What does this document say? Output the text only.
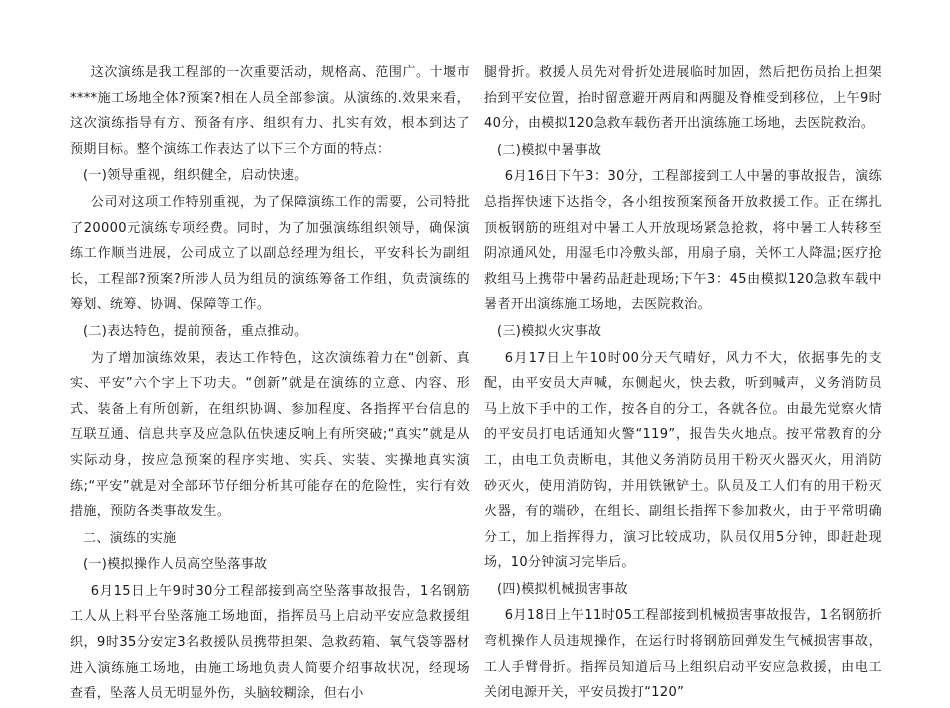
这次演练是我工程部的一次重要活动，规格高、范围广。十堰市****施工场地全体?预案?相在人员全部参演。从演练的.效果来看，这次演练指导有方、预备有序、组织有力、扎实有效，根本到达了预期目标。整个演练工作表达了以下三个方面的特点：

(一)领导重视，组织健全，启动快速。

公司对这项工作特别重视，为了保障演练工作的需要，公司特批了20000元演练专项经费。同时，为了加强演练组织领导，确保演练工作顺当进展，公司成立了以副总经理为组长，平安科长为副组长，工程部?预案?所涉人员为组员的演练筹备工作组，负责演练的筹划、统筹、协调、保障等工作。

(二)表达特色，提前预备，重点推动。

为了增加演练效果，表达工作特色，这次演练着力在“创新、真实、平安”六个字上下功夫。“创新”就是在演练的立意、内容、形式、装备上有所创新，在组织协调、参加程度、各指挥平台信息的互联互通、信息共享及应急队伍快速反响上有所突破;“真实”就是从实际动身，按应急预案的程序实地、实兵、实装、实操地真实演练;“平安”就是对全部环节仔细分析其可能存在的危险性，实行有效措施，预防各类事故发生。

二、演练的实施

(一)模拟操作人员高空坠落事故

6月15日上午9时30分工程部接到高空坠落事故报告，1名钢筋工人从上料平台坠落施工场地面，指挥员马上启动平安应急救援组织，9时35分安定3名救援队员携带担架、急救药箱、氧气袋等器材进入演练施工场地，由施工场地负责人简要介绍事故状况，经现场查看，坠落人员无明显外伤，头脑较糊涂，但右小

腿骨折。救援人员先对骨折处进展临时加固，然后把伤员抬上担架抬到平安位置，抬时留意避开两肩和两腿及脊椎受到移位，上午9时40分，由模拟120急救车载伤者开出演练施工场地，去医院救治。

(二)模拟中暑事故

6月16日下午3：30分，工程部接到工人中暑的事故报告，演练总指挥快速下达指令，各小组按预案预备开放救援工作。正在绑扎顶板钢筋的班组对中暑工人开放现场紧急抢救，将中暑工人转移至阴凉通风处，用湿毛巾冷敷头部，用扇子扇，关怀工人降温;医疗抢救组马上携带中暑药品赶赴现场;下午3：45由模拟120急救车载中暑者开出演练施工场地，去医院救治。

(三)模拟火灾事故

6月17日上午10时00分天气晴好，风力不大，依据事先的支配，由平安员大声喊，东侧起火，快去救，听到喊声，义务消防员马上放下手中的工作，按各自的分工，各就各位。由最先觉察火情的平安员打电话通知火警“119”，报告失火地点。按平常教育的分工，由电工负责断电，其他义务消防员用干粉灭火器灭火，用消防砂灭火，使用消防钩，并用铁锹铲土。队员及工人们有的用干粉灭火器，有的端砂，在组长、副组长指挥下参加救火，由于平常明确分工，加上指挥得力，演习比较成功，队员仅用5分钟，即赶赴现场，10分钟演习完毕后。

(四)模拟机械损害事故

6月18日上午11时05工程部接到机械损害事故报告，1名钢筋折弯机操作人员违规操作，在运行时将钢筋回弹发生气械损害事故，工人手臂骨折。指挥员知道后马上组织启动平安应急救援，由电工关闭电源开关，平安员拨打“120”
